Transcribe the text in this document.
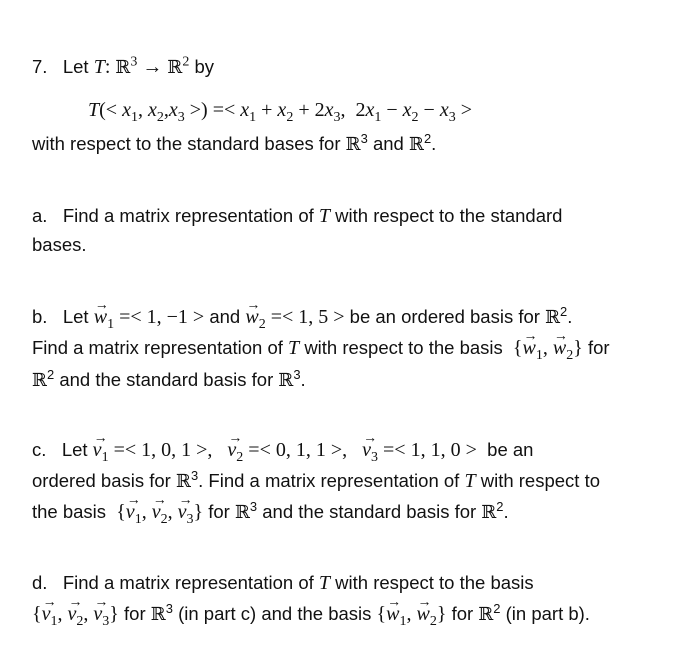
7. Let T: ℝ$^3$ → ℝ$^2$ by
$T(< x_1$, $x_2,x_3$ >) =< $x_1 + x_2 + 2x_3$,  $2x_1 - x_2 - x_3$ >
with respect to the standard bases for ℝ$^3$ and ℝ$^2$.
a. Find a matrix representation of T with respect to the standard
bases.
b. Let → $w_1 =< 1$, −1 > and → $w_2 =< 1$, 5 > be an ordered basis for ℝ$^2$.
Find a matrix representation of T with respect to the basis  {→ $w_1$, → $w_2$} for
ℝ$^2$ and the standard basis for ℝ$^3$.
c. Let → $v_1 =< 1$, 0, 1 >,   → $v_2 =< 0$, 1, 1 >,   → $v_3 =< 1$, 1, 0 > be an
ordered basis for ℝ$^3$. Find a matrix representation of T with respect to
the basis  {→ $v_1$, → $v_2$, → $v_3$} for ℝ$^3$ and the standard basis for ℝ$^2$.
d. Find a matrix representation of T with respect to the basis
{→ $v_1$, → $v_2$, → $v_3$} for ℝ$^3$ (in part c) and the basis {→ $w_1$, → $w_2$} for ℝ$^2$ (in part b).
